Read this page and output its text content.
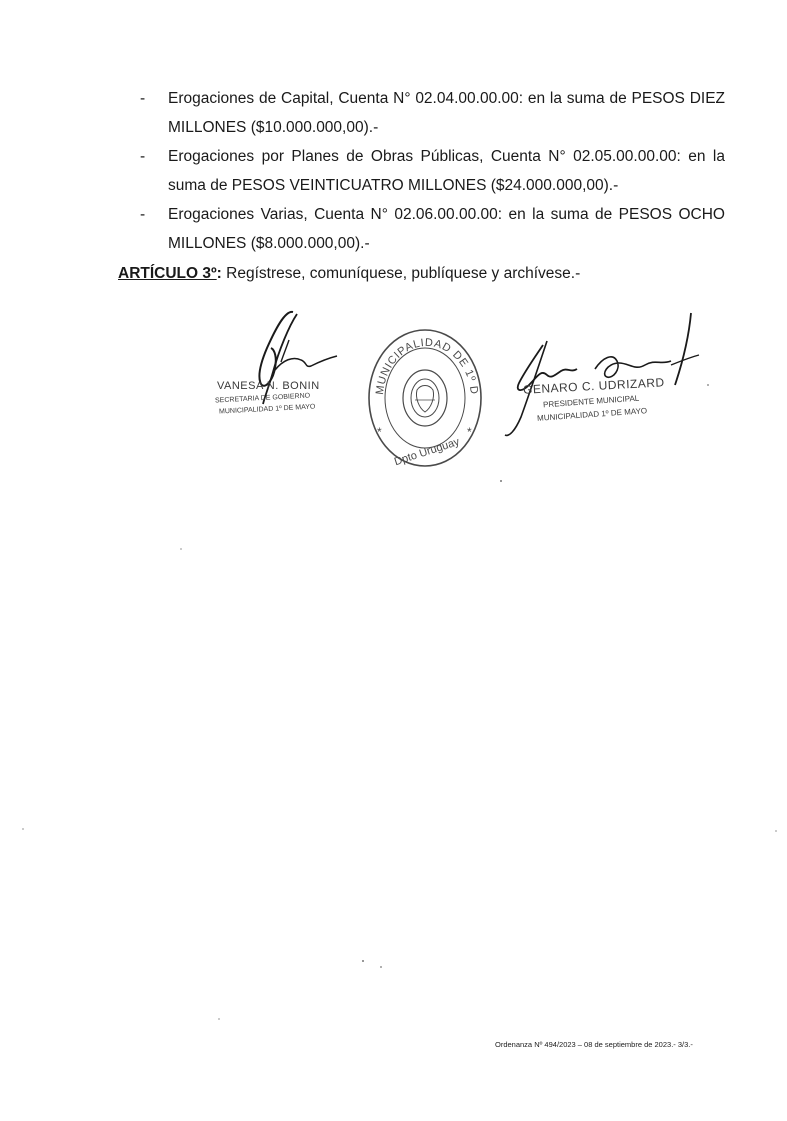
- Erogaciones de Capital, Cuenta N° 02.04.00.00.00: en la suma de PESOS DIEZ MILLONES ($10.000.000,00).-
- Erogaciones por Planes de Obras Públicas, Cuenta N° 02.05.00.00.00: en la suma de PESOS VEINTICUATRO MILLONES ($24.000.000,00).-
- Erogaciones Varias, Cuenta N° 02.06.00.00.00: en la suma de PESOS OCHO MILLONES ($8.000.000,00).-
ARTÍCULO 3º: Regístrese, comuníquese, publíquese y archívese.-
VANESA N. BONIN
SECRETARIA DE GOBIERNO
MUNICIPALIDAD 1º DE MAYO
MUNICIPALIDAD DE 1º D
*	*
Dpto Uruguay
GENARO C. UDRIZARD
PRESIDENTE MUNICIPAL
MUNICIPALIDAD 1º DE MAYO
Ordenanza Nº 494/2023 – 08 de septiembre de 2023.- 3/3.-
